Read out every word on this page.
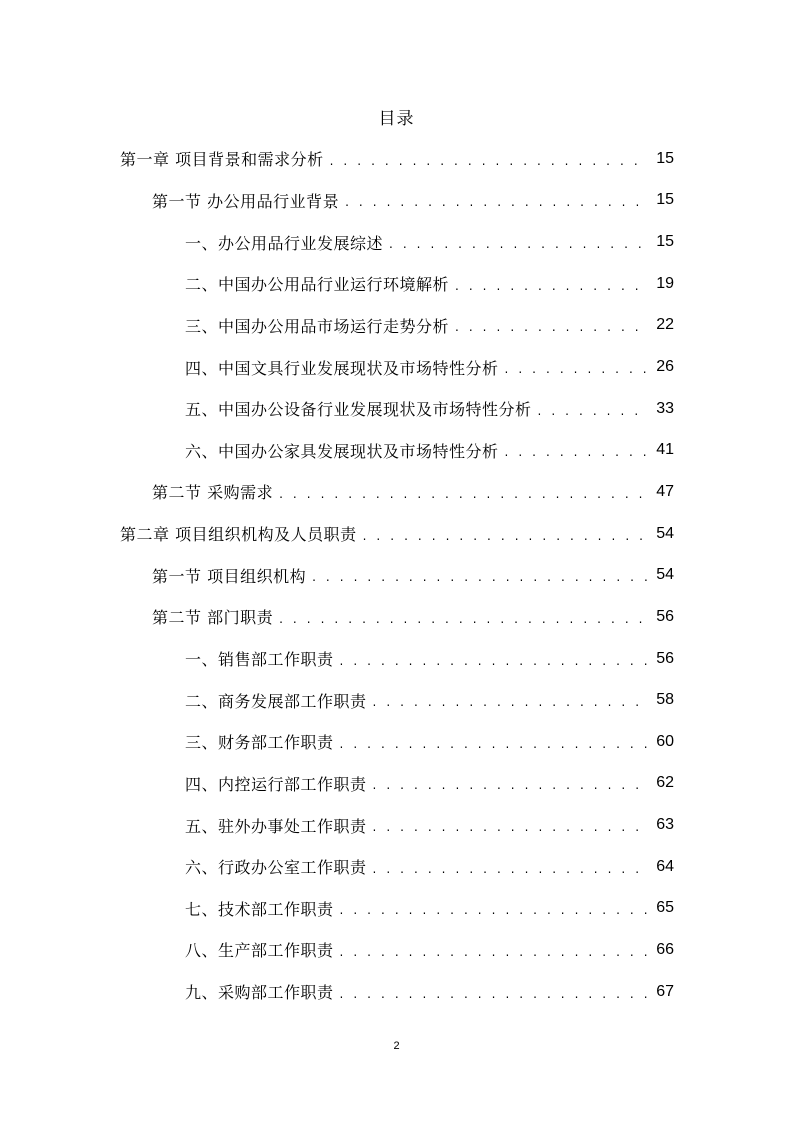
目录
第一章 项目背景和需求分析 . . .	15
第一节 办公用品行业背景 . . .	15
一、办公用品行业发展综述 . . .	15
二、中国办公用品行业运行环境解析 . . .	19
三、中国办公用品市场运行走势分析 . . .	22
四、中国文具行业发展现状及市场特性分析 . . .	26
五、中国办公设备行业发展现状及市场特性分析 . . .	33
六、中国办公家具发展现状及市场特性分析 . . .	41
第二节 采购需求 . . .	47
第二章 项目组织机构及人员职责 . . .	54
第一节 项目组织机构 . . .	54
第二节 部门职责 . . .	56
一、销售部工作职责 . . .	56
二、商务发展部工作职责 . . .	58
三、财务部工作职责 . . .	60
四、内控运行部工作职责 . . .	62
五、驻外办事处工作职责 . . .	63
六、行政办公室工作职责 . . .	64
七、技术部工作职责 . . .	65
八、生产部工作职责 . . .	66
九、采购部工作职责 . . .	67
2
